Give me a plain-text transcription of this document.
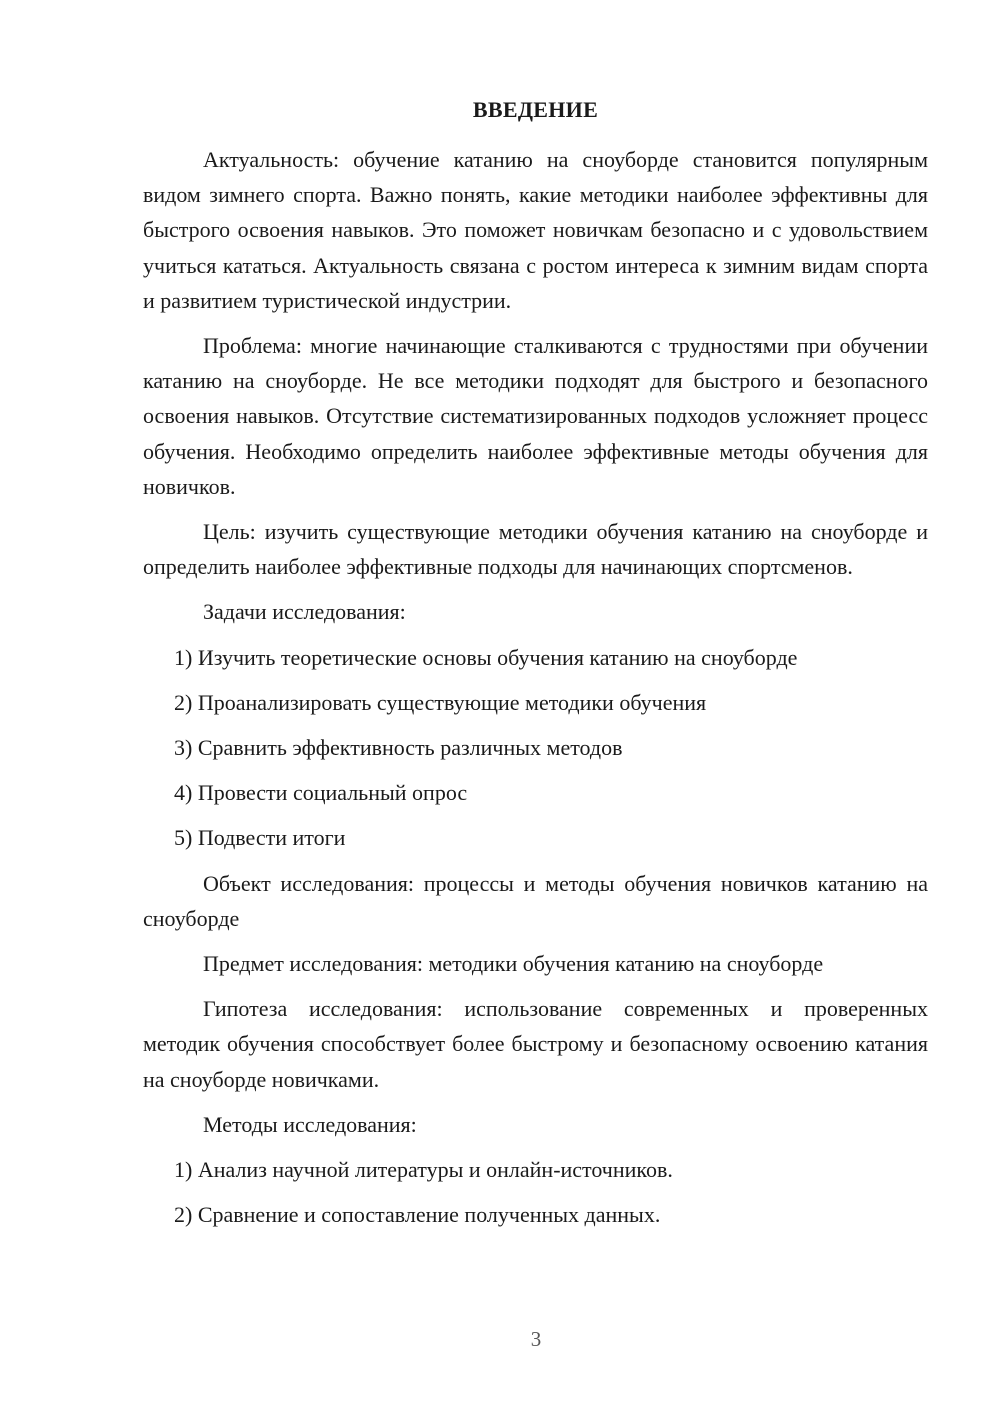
ВВЕДЕНИЕ

Актуальность: обучение катанию на сноуборде становится популярным видом зимнего спорта. Важно понять, какие методики наиболее эффективны для быстрого освоения навыков. Это поможет новичкам безопасно и с удовольствием учиться кататься. Актуальность связана с ростом интереса к зимним видам спорта и развитием туристической индустрии.

Проблема: многие начинающие сталкиваются с трудностями при обучении катанию на сноуборде. Не все методики подходят для быстрого и безопасного освоения навыков. Отсутствие систематизированных подходов усложняет процесс обучения. Необходимо определить наиболее эффективные методы обучения для новичков.

Цель: изучить существующие методики обучения катанию на сноуборде и определить наиболее эффективные подходы для начинающих спортсменов.

Задачи исследования:
1) Изучить теоретические основы обучения катанию на сноуборде
2) Проанализировать существующие методики обучения
3) Сравнить эффективность различных методов
4) Провести социальный опрос
5) Подвести итоги

Объект исследования: процессы и методы обучения новичков катанию на сноуборде

Предмет исследования: методики обучения катанию на сноуборде

Гипотеза исследования: использование современных и проверенных методик обучения способствует более быстрому и безопасному освоению катания на сноуборде новичками.

Методы исследования:
1) Анализ научной литературы и онлайн-источников.
2) Сравнение и сопоставление полученных данных.
3
